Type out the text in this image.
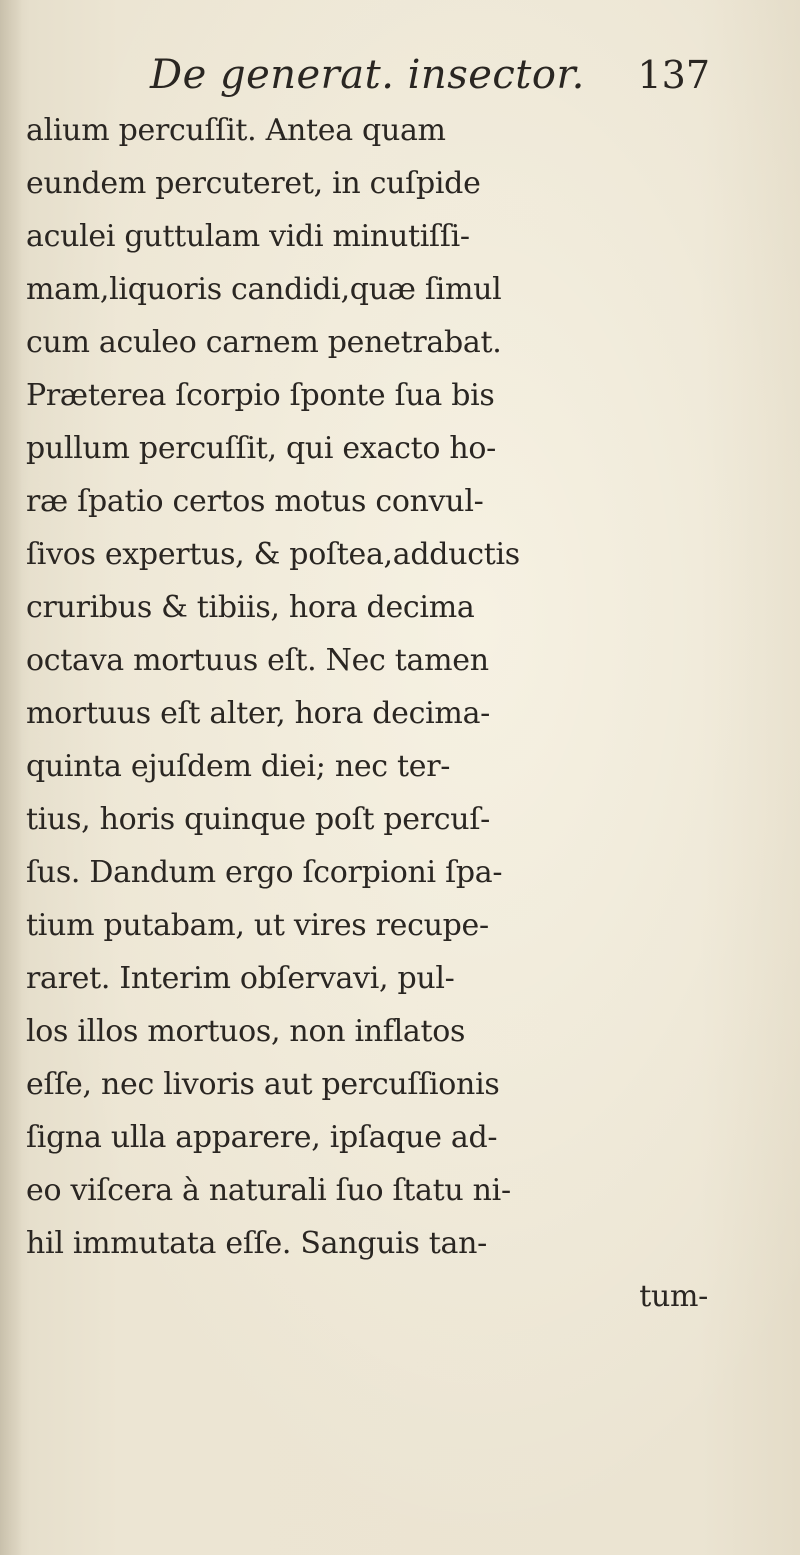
De generat. insector. 137
alium percuſſit. Antea quam
eundem percuteret, in cuſpide
aculei guttulam vidi minutiſſi-
mam,liquoris candidi,quæ ſimul
cum aculeo carnem penetrabat.
Præterea ſcorpio ſponte ſua bis
pullum percuſſit, qui exacto ho-
ræ ſpatio certos motus convul-
ſivos expertus, & poſtea,adductis
cruribus & tibiis, hora decima
octava mortuus eſt. Nec tamen
mortuus eſt alter, hora decima-
quinta ejuſdem diei; nec ter-
tius, horis quinque poſt percuſ-
ſus. Dandum ergo ſcorpioni ſpa-
tium putabam, ut vires recupe-
raret. Interim obſervavi, pul-
los illos mortuos, non inflatos
eſſe, nec livoris aut percuſſionis
ſigna ulla apparere, ipſaque ad-
eo viſcera à naturali ſuo ſtatu ni-
hil immutata eſſe. Sanguis tan-
tum-
